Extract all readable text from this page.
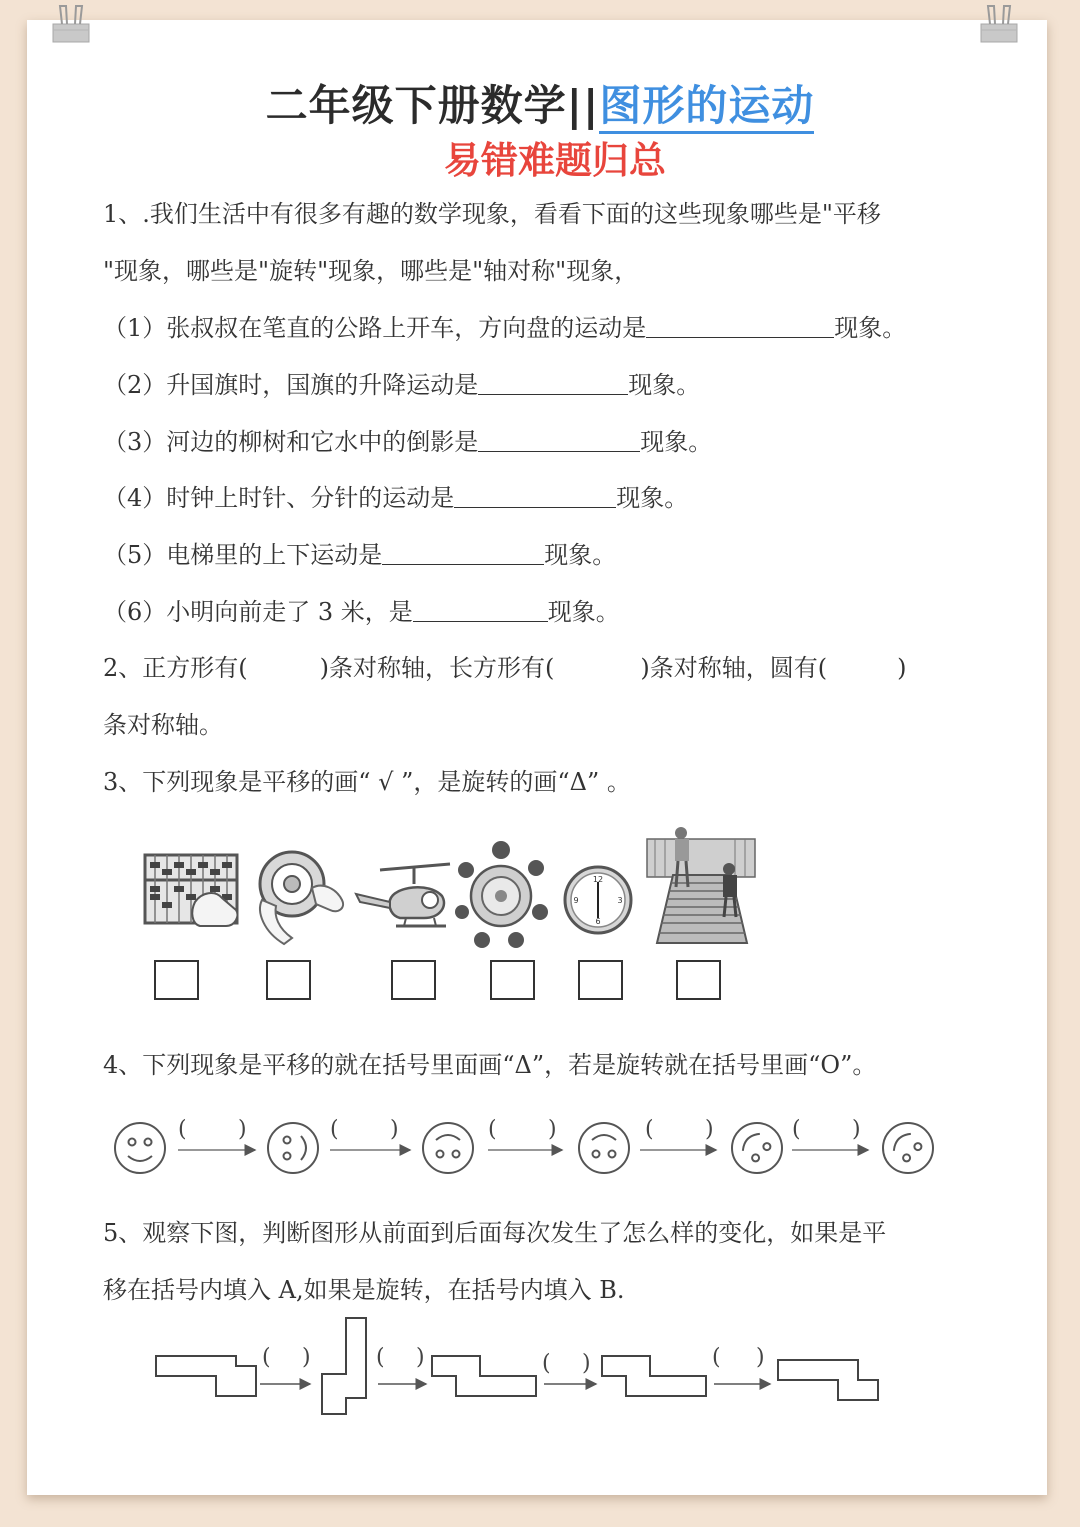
二年级下册数学||图形的运动
易错难题归总
1、.我们生活中有很多有趣的数学现象，看看下面的这些现象哪些是"平移
"现象，哪些是"旋转"现象，哪些是"轴对称"现象，
（1）张叔叔在笔直的公路上开车，方向盘的运动是	现象。
（2）升国旗时，国旗的升降运动是	现象。
（3）河边的柳树和它水中的倒影是	现象。
（4）时钟上时针、分针的运动是	现象。
（5）电梯里的上下运动是	现象。
（6）小明向前走了 3 米，是	现象。
2、正方形有(	)条对称轴，长方形有(	)条对称轴，圆有(	)
条对称轴。
3、下列现象是平移的画“ √ ”，是旋转的画“Δ” 。
12
3
6
9
4、下列现象是平移的就在括号里面画“Δ”，若是旋转就在括号里画“O”。
( )	( )	( )	( )	( )
5、观察下图，判断图形从前面到后面每次发生了怎么样的变化，如果是平
移在括号内填入 A,如果是旋转，在括号内填入 B.
( )	( )	( )	( )
